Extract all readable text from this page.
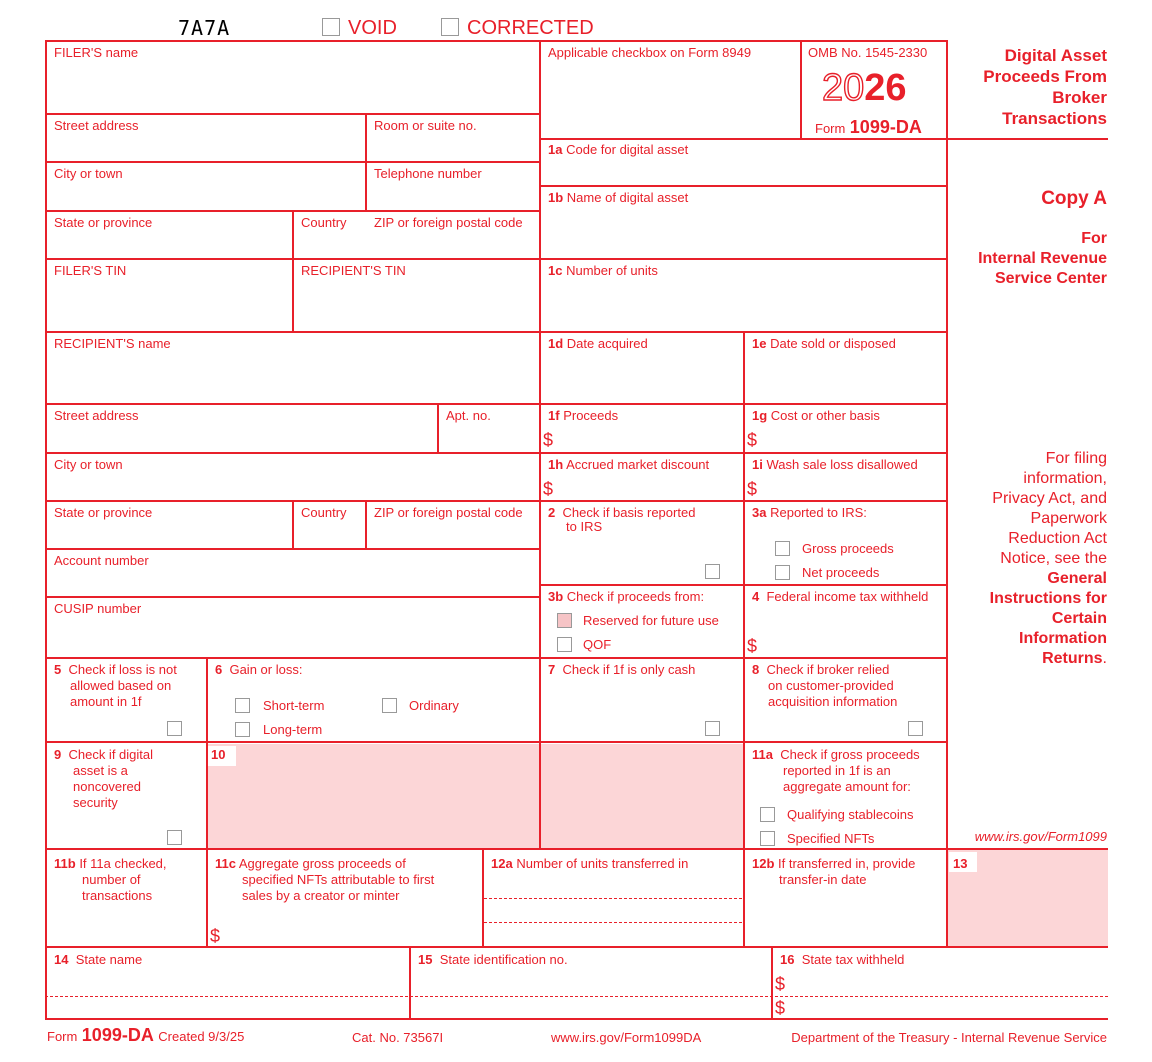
7A7A	VOID	CORRECTED
FILER'S name
Street address	Room or suite no.
City or town	Telephone number
State or province	Country ZIP or foreign postal code
FILER'S TIN	RECIPIENT'S TIN
RECIPIENT'S name
Street address	Apt. no.
City or town
State or province	Country ZIP or foreign postal code
Account number
CUSIP number
Applicable checkbox on Form 8949	OMB No. 1545-2330
2026
Form 1099-DA
1a Code for digital asset
1b Name of digital asset
1c Number of units
1d Date acquired	1e Date sold or disposed
1f Proceeds
$
1g Cost or other basis
$
1h Accrued market discount
$
1i Wash sale loss disallowed
$
2 Check if basis reported
to IRS
3a Reported to IRS:
Gross proceeds
Net proceeds
3b Check if proceeds from:
Reserved for future use
QOF
4 Federal income tax withheld
$
5 Check if loss is not
allowed based on
amount in 1f
6 Gain or loss:
Short-term
Long-term
Ordinary
7 Check if 1f is only cash	8 Check if broker relied
on customer-provided
acquisition information
9 Check if digital
asset is a
noncovered
security
10	11a Check if gross proceeds
reported in 1f is an
aggregate amount for:
Qualifying stablecoins
Specified NFTs
11b If 11a checked,
number of
transactions
11c Aggregate gross proceeds of
specified NFTs attributable to first
sales by a creator or minter
$
12a Number of units transferred in	12b If transferred in, provide
transfer-in date
13
14 State name	15 State identification no.	16 State tax withheld
$
$
Digital Asset
Proceeds From
Broker
Transactions
Copy A
For
Internal Revenue
Service Center
For filing
information,
Privacy Act, and
Paperwork
Reduction Act
Notice, see the
General
Instructions for
Certain
Information
Returns.
www.irs.gov/Form1099
Form 1099-DA Created 9/3/25	Cat. No. 73567I	www.irs.gov/Form1099DA	Department of the Treasury - Internal Revenue Service
